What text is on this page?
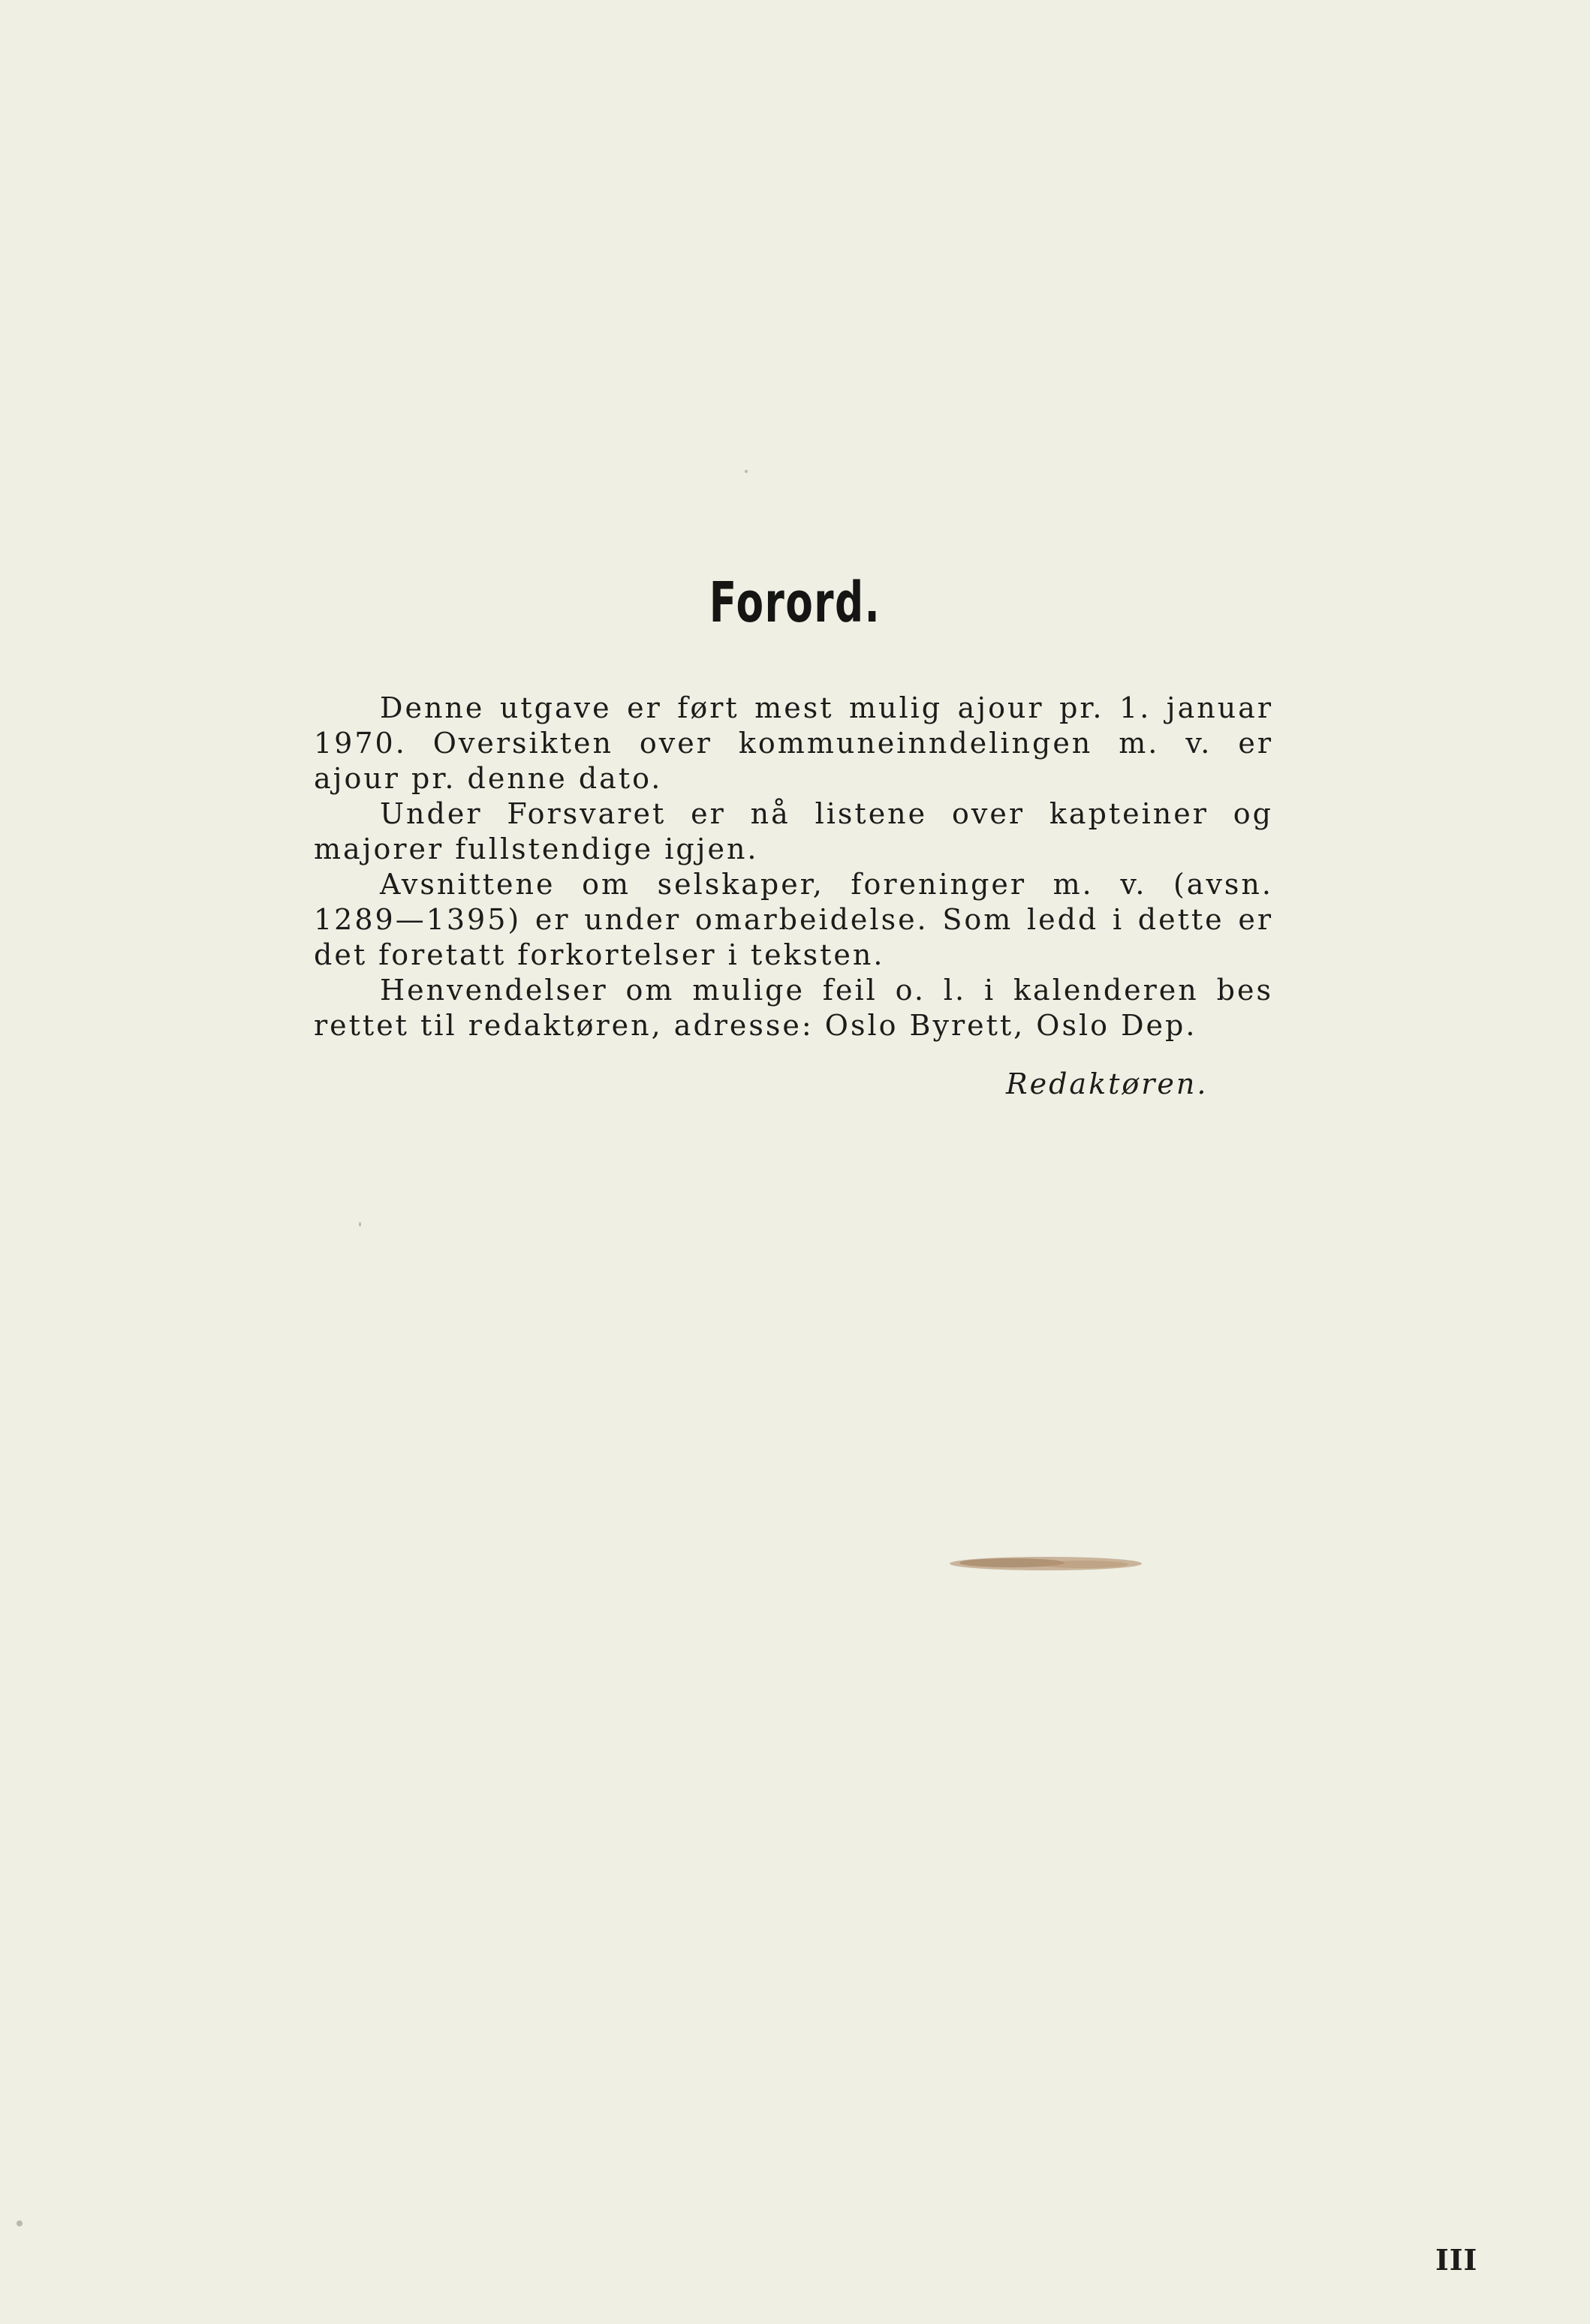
Forord.

Denne utgave er ført mest mulig ajour pr. 1. januar 1970. Oversikten over kommuneinndelingen m. v. er ajour pr. denne dato.

Under Forsvaret er nå listene over kapteiner og majorer fullstendige igjen.

Avsnittene om selskaper, foreninger m. v. (avsn. 1289—1395) er under omarbeidelse. Som ledd i dette er det foretatt forkortelser i teksten.

Henvendelser om mulige feil o. l. i kalenderen bes rettet til redaktøren, adresse: Oslo Byrett, Oslo Dep.

Redaktøren.
III
